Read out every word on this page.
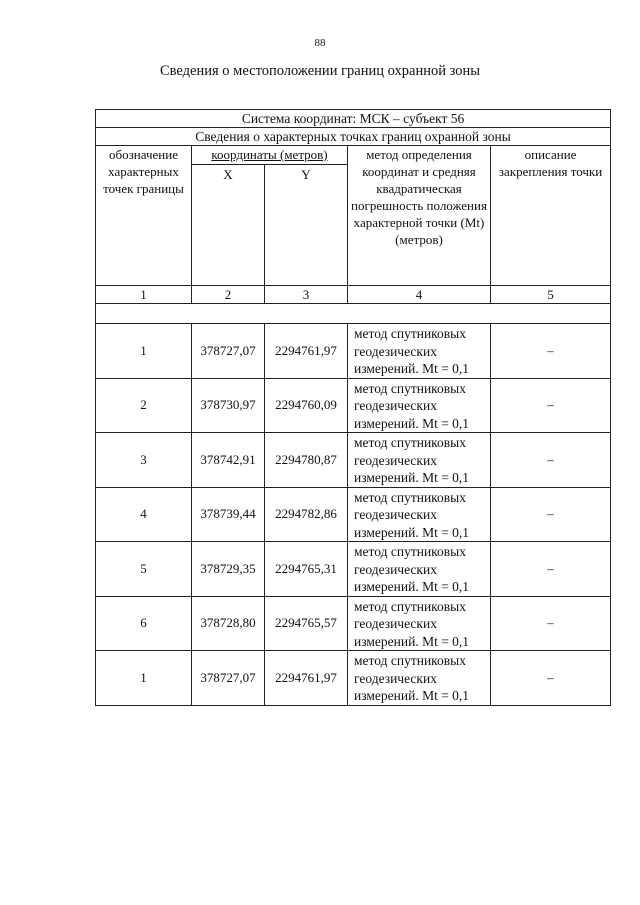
88
Сведения о местоположении границ охранной зоны
Система координат: МСК – субъект 56				
Сведения о характерных точках границ охранной зоны				
обозначение характерных точек границы	координаты (метров)		метод определения координат и средняя квадратическая погрешность положения характерной точки (Mt) (метров)	описание закрепления точки
	X	Y		
1	2	3	4	5

1	378727,07	2294761,97	метод спутниковых геодезических измерений. Mt = 0,1	–
2	378730,97	2294760,09	метод спутниковых геодезических измерений. Mt = 0,1	–
3	378742,91	2294780,87	метод спутниковых геодезических измерений. Mt = 0,1	–
4	378739,44	2294782,86	метод спутниковых геодезических измерений. Mt = 0,1	–
5	378729,35	2294765,31	метод спутниковых геодезических измерений. Mt = 0,1	–
6	378728,80	2294765,57	метод спутниковых геодезических измерений. Mt = 0,1	–
1	378727,07	2294761,97	метод спутниковых геодезических измерений. Mt = 0,1	–
